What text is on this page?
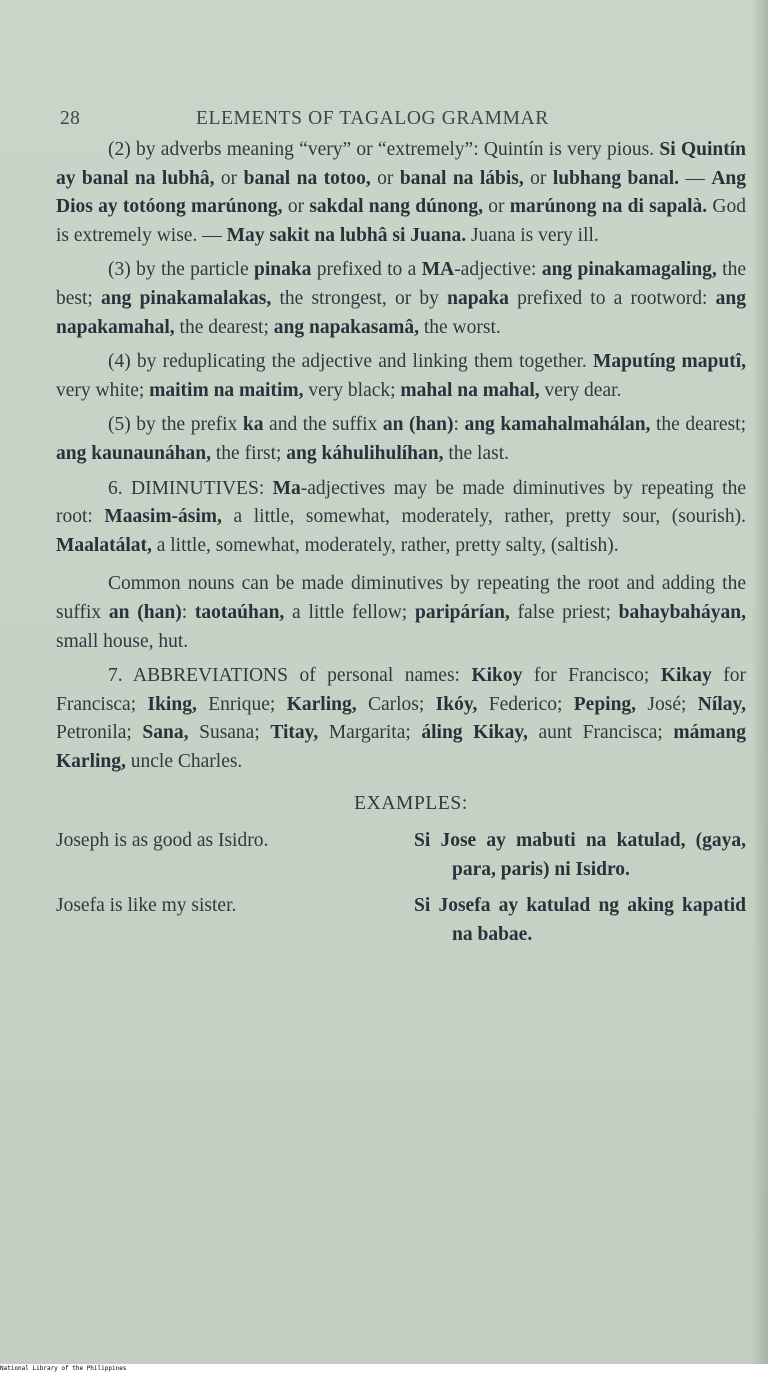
28	ELEMENTS OF TAGALOG GRAMMAR

(2) by adverbs meaning “very” or “extremely”: Quintín is very pious. Si Quintín ay banal na lubhâ, or banal na totoo, or banal na lábis, or lubhang banal. — Ang Dios ay totóong marúnong, or sakdal nang dúnong, or marúnong na di sapalà. God is extremely wise. — May sakit na lubhâ si Juana. Juana is very ill.

(3) by the particle pinaka prefixed to a MA-adjective: ang pinakamagaling, the best; ang pinakamalakas, the strongest, or by napaka prefixed to a rootword: ang napakamahal, the dearest; ang napakasamâ, the worst.

(4) by reduplicating the adjective and linking them together. Maputíng maputî, very white; maitim na maitim, very black; mahal na mahal, very dear.

(5) by the prefix ka and the suffix an (han): ang kamahalmahálan, the dearest; ang kaunaunáhan, the first; ang káhulihulíhan, the last.

6. DIMINUTIVES: Ma-adjectives may be made diminutives by repeating the root: Maasim-ásim, a little, somewhat, moderately, rather, pretty sour, (sourish). Maalatálat, a little, somewhat, moderately, rather, pretty salty, (saltish).

Common nouns can be made diminutives by repeating the root and adding the suffix an (han): taotaúhan, a little fellow; paripárían, false priest; bahaybaháyan, small house, hut.

7. ABBREVIATIONS of personal names: Kikoy for Francisco; Kikay for Francisca; Iking, Enrique; Karling, Carlos; Ikóy, Federico; Peping, José; Nílay, Petronila; Sana, Susana; Titay, Margarita; áling Kikay, aunt Francisca; mámang Karling, uncle Charles.

EXAMPLES:
Joseph is as good as Isidro.	Si Jose ay mabuti na katulad, (gaya, para, paris) ni Isidro.
Josefa is like my sister.	Si Josefa ay katulad ng aking kapatid na babae.
National Library of the Philippines
